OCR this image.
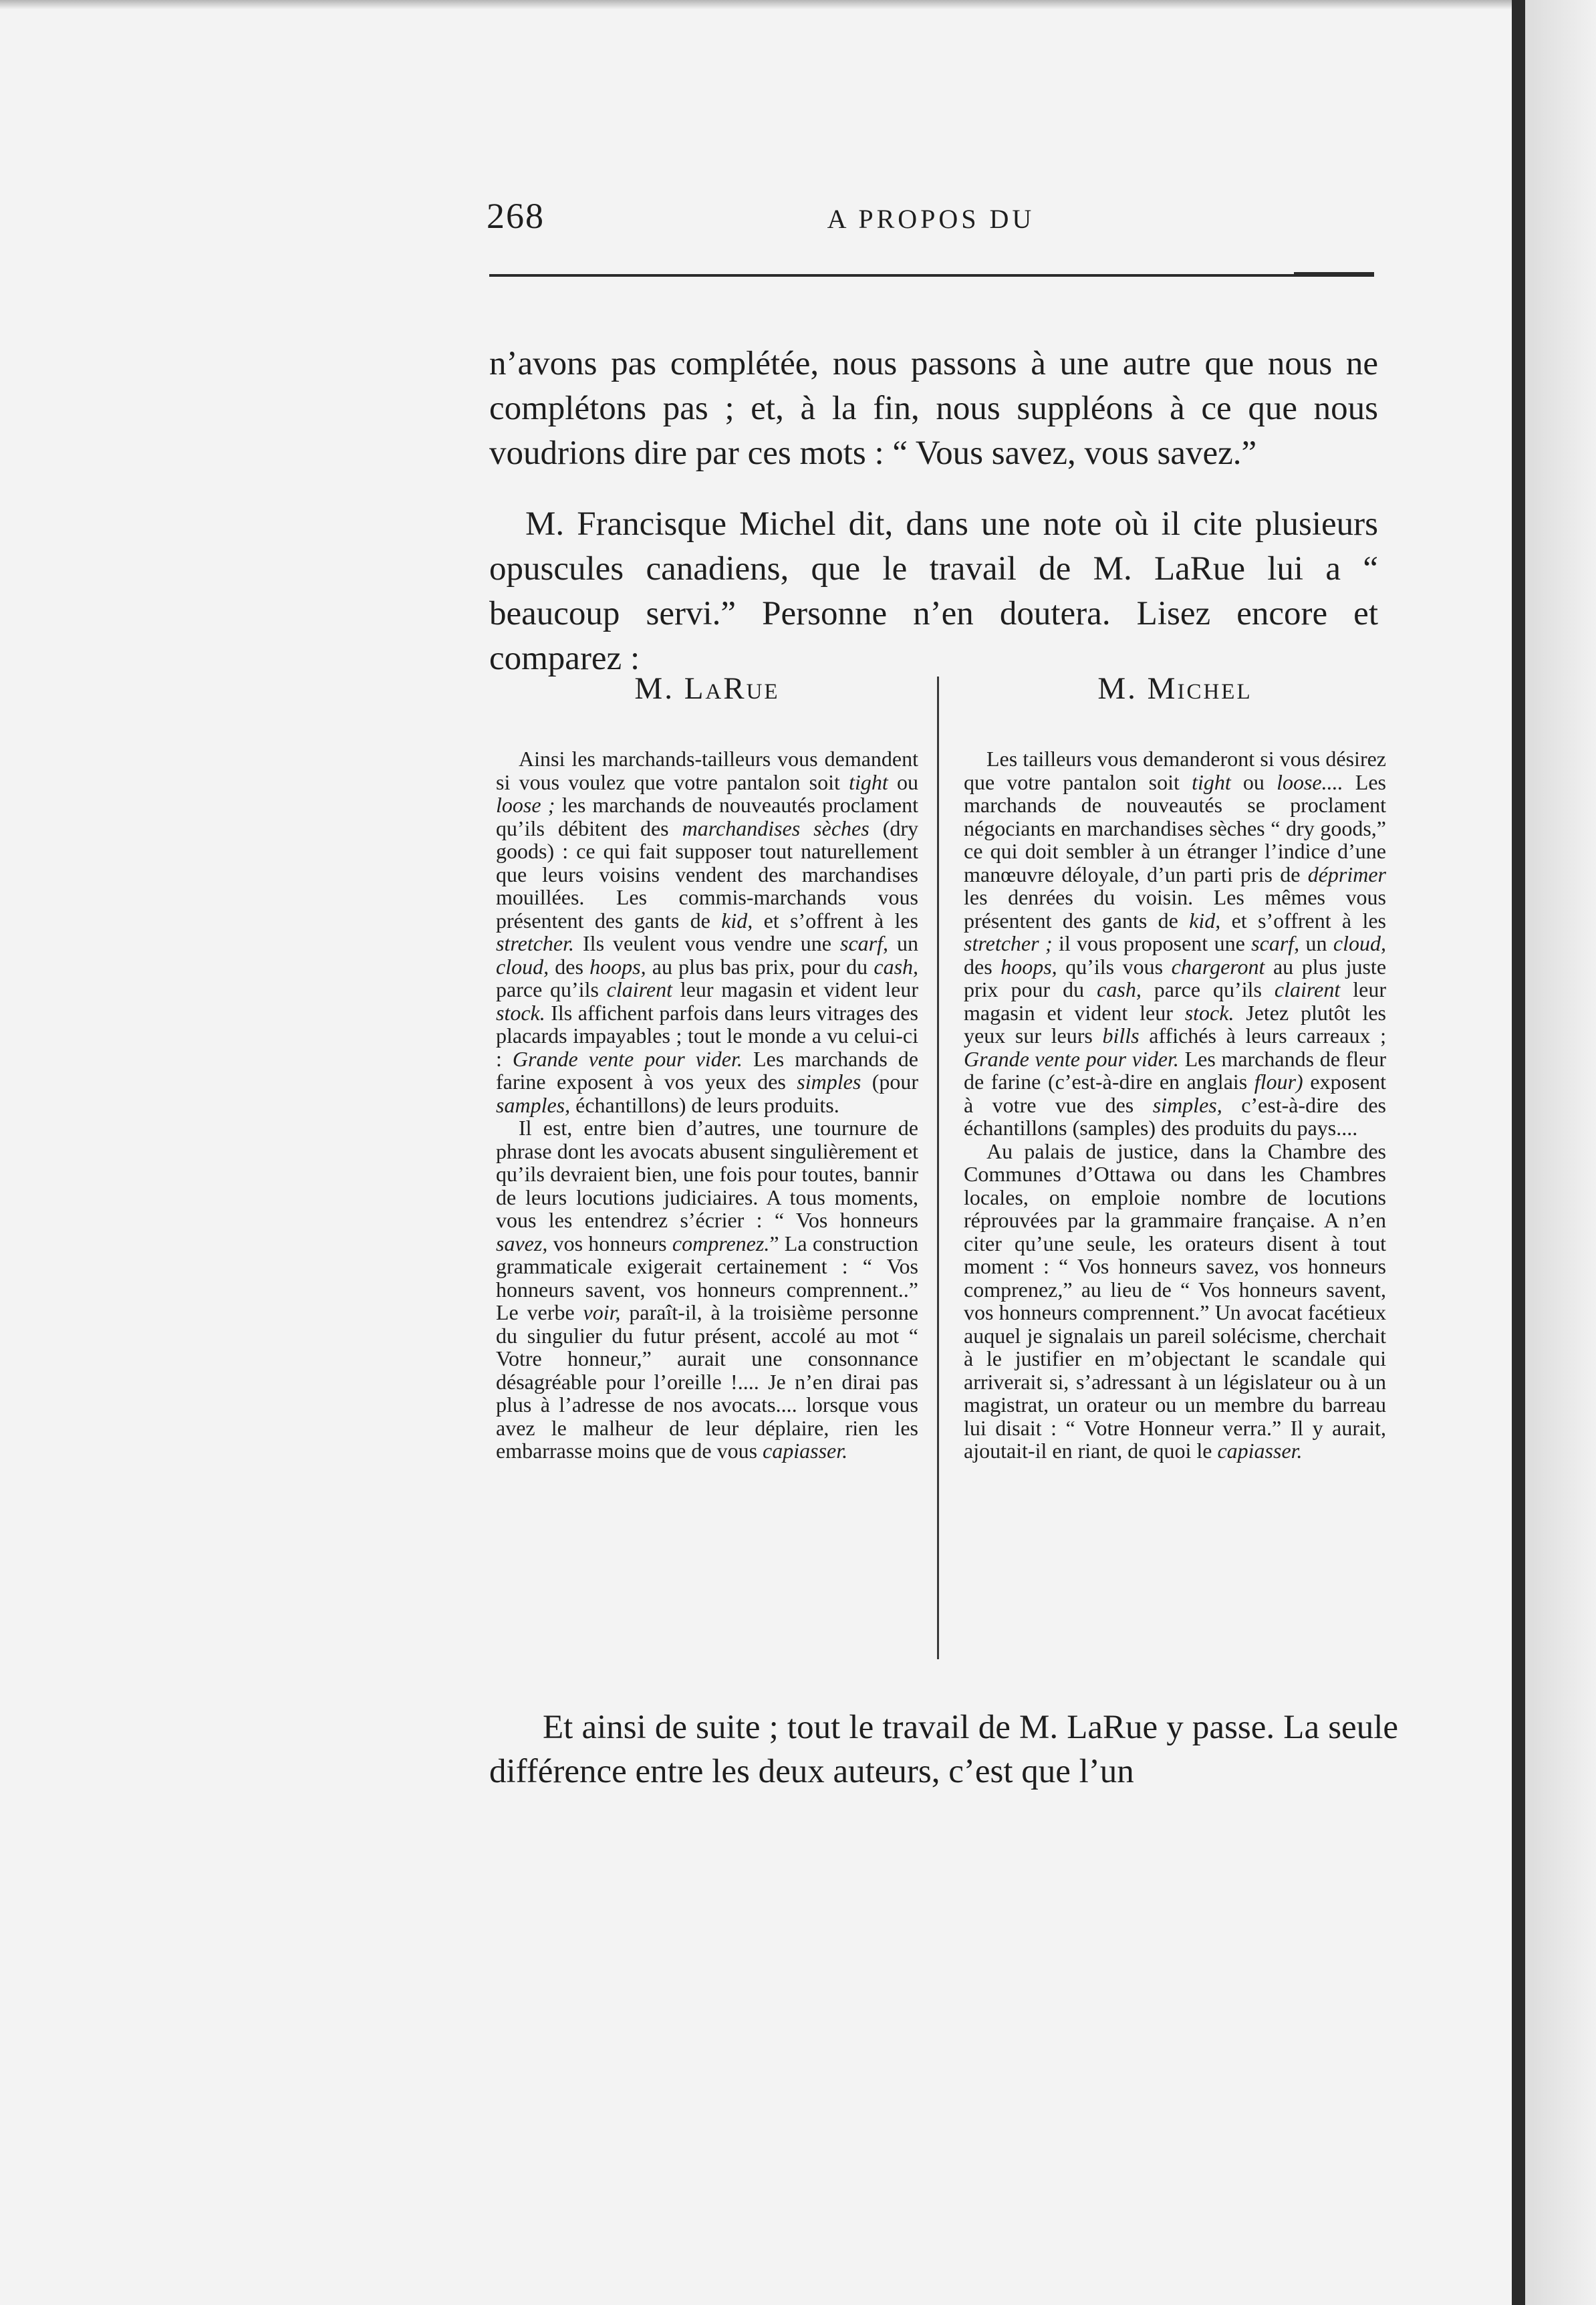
268	A PROPOS DU

n’avons pas complétée, nous passons à une autre que nous ne complétons pas ; et, à la fin, nous suppléons à ce que nous voudrions dire par ces mots : “ Vous savez, vous savez.”

M. Francisque Michel dit, dans une note où il cite plusieurs opuscules canadiens, que le travail de M. LaRue lui a “ beaucoup servi.” Personne n’en doutera. Lisez encore et comparez :

M. LaRue

Ainsi les marchands-tailleurs vous demandent si vous voulez que votre pantalon soit tight ou loose ; les marchands de nouveautés proclament qu’ils débitent des marchandises sèches (dry goods) : ce qui fait supposer tout naturellement que leurs voisins vendent des marchandises mouillées. Les commis-marchands vous présentent des gants de kid, et s’offrent à les stretcher. Ils veulent vous vendre une scarf, un cloud, des hoops, au plus bas prix, pour du cash, parce qu’ils clairent leur magasin et vident leur stock. Ils affichent parfois dans leurs vitrages des placards impayables ; tout le monde a vu celui-ci : Grande vente pour vider. Les marchands de farine exposent à vos yeux des simples (pour samples, échantillons) de leurs produits.

Il est, entre bien d’autres, une tournure de phrase dont les avocats abusent singulièrement et qu’ils devraient bien, une fois pour toutes, bannir de leurs locutions judiciaires. A tous moments, vous les entendrez s’écrier : “ Vos honneurs savez, vos honneurs comprenez.” La construction grammaticale exigerait certainement : “ Vos honneurs savent, vos honneurs comprennent..” Le verbe voir, paraît-il, à la troisième personne du singulier du futur présent, accolé au mot “ Votre honneur,” aurait une consonnance désagréable pour l’oreille !.... Je n’en dirai pas plus à l’adresse de nos avocats.... lorsque vous avez le malheur de leur déplaire, rien les embarrasse moins que de vous capiasser.

M. Michel

Les tailleurs vous demanderont si vous désirez que votre pantalon soit tight ou loose.... Les marchands de nouveautés se proclament négociants en marchandises sèches “ dry goods,” ce qui doit sembler à un étranger l’indice d’une manœuvre déloyale, d’un parti pris de déprimer les denrées du voisin. Les mêmes vous présentent des gants de kid, et s’offrent à les stretcher ; il vous proposent une scarf, un cloud, des hoops, qu’ils vous chargeront au plus juste prix pour du cash, parce qu’ils clairent leur magasin et vident leur stock. Jetez plutôt les yeux sur leurs bills affichés à leurs carreaux ; Grande vente pour vider. Les marchands de fleur de farine (c’est-à-dire en anglais flour) exposent à votre vue des simples, c’est-à-dire des échantillons (samples) des produits du pays....

Au palais de justice, dans la Chambre des Communes d’Ottawa ou dans les Chambres locales, on emploie nombre de locutions réprouvées par la grammaire française. A n’en citer qu’une seule, les orateurs disent à tout moment : “ Vos honneurs savez, vos honneurs comprenez,” au lieu de “ Vos honneurs savent, vos honneurs comprennent.” Un avocat facétieux auquel je signalais un pareil solécisme, cherchait à le justifier en m’objectant le scandale qui arriverait si, s’adressant à un législateur ou à un magistrat, un orateur ou un membre du barreau lui disait : “ Votre Honneur verra.” Il y aurait, ajoutait-il en riant, de quoi le capiasser.

Et ainsi de suite ; tout le travail de M. LaRue y passe. La seule différence entre les deux auteurs, c’est que l’un
